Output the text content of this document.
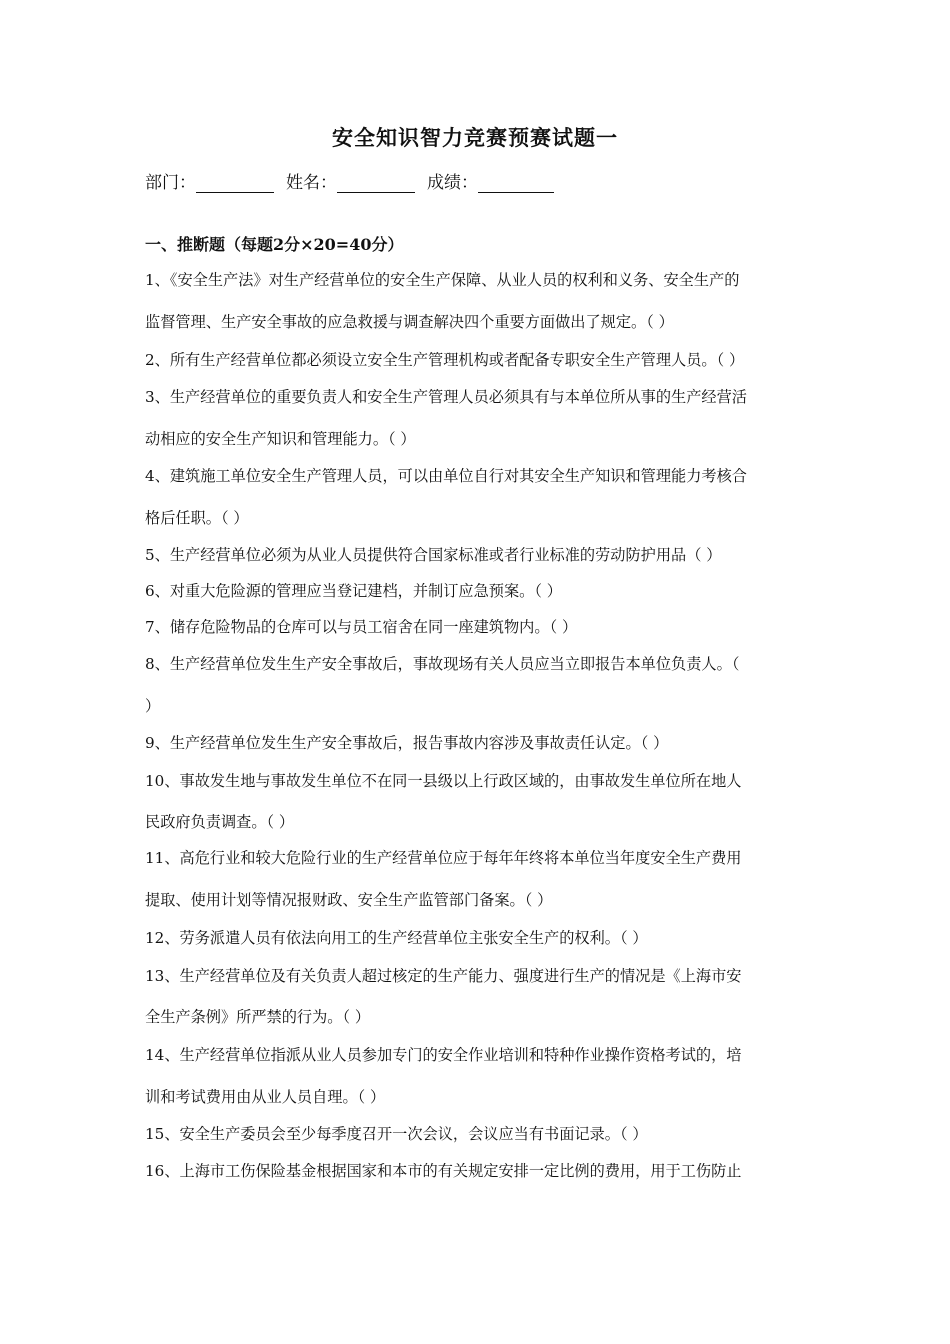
安全知识智力竞赛预赛试题一
部门：	姓名：	成绩：
一、推断题（每题2分×20=40分）
1、《安全生产法》对生产经营单位的安全生产保障、从业人员的权利和义务、安全生产的
监督管理、生产安全事故的应急救援与调查解决四个重要方面做出了规定。（ ）
2、所有生产经营单位都必须设立安全生产管理机构或者配备专职安全生产管理人员。（ ）
3、生产经营单位的重要负责人和安全生产管理人员必须具有与本单位所从事的生产经营活
动相应的安全生产知识和管理能力。（ ）
4、建筑施工单位安全生产管理人员，可以由单位自行对其安全生产知识和管理能力考核合
格后任职。（ ）
5、生产经营单位必须为从业人员提供符合国家标准或者行业标准的劳动防护用品（ ）
6、对重大危险源的管理应当登记建档，并制订应急预案。（ ）
7、储存危险物品的仓库可以与员工宿舍在同一座建筑物内。（ ）
8、生产经营单位发生生产安全事故后，事故现场有关人员应当立即报告本单位负责人。（
）
9、生产经营单位发生生产安全事故后，报告事故内容涉及事故责任认定。（ ）
10、事故发生地与事故发生单位不在同一县级以上行政区域的，由事故发生单位所在地人
民政府负责调查。（ ）
11、高危行业和较大危险行业的生产经营单位应于每年年终将本单位当年度安全生产费用
提取、使用计划等情况报财政、安全生产监管部门备案。（ ）
12、劳务派遣人员有依法向用工的生产经营单位主张安全生产的权利。（ ）
13、生产经营单位及有关负责人超过核定的生产能力、强度进行生产的情况是《上海市安
全生产条例》所严禁的行为。（ ）
14、生产经营单位指派从业人员参加专门的安全作业培训和特种作业操作资格考试的，培
训和考试费用由从业人员自理。（ ）
15、安全生产委员会至少每季度召开一次会议，会议应当有书面记录。（ ）
16、上海市工伤保险基金根据国家和本市的有关规定安排一定比例的费用，用于工伤防止
